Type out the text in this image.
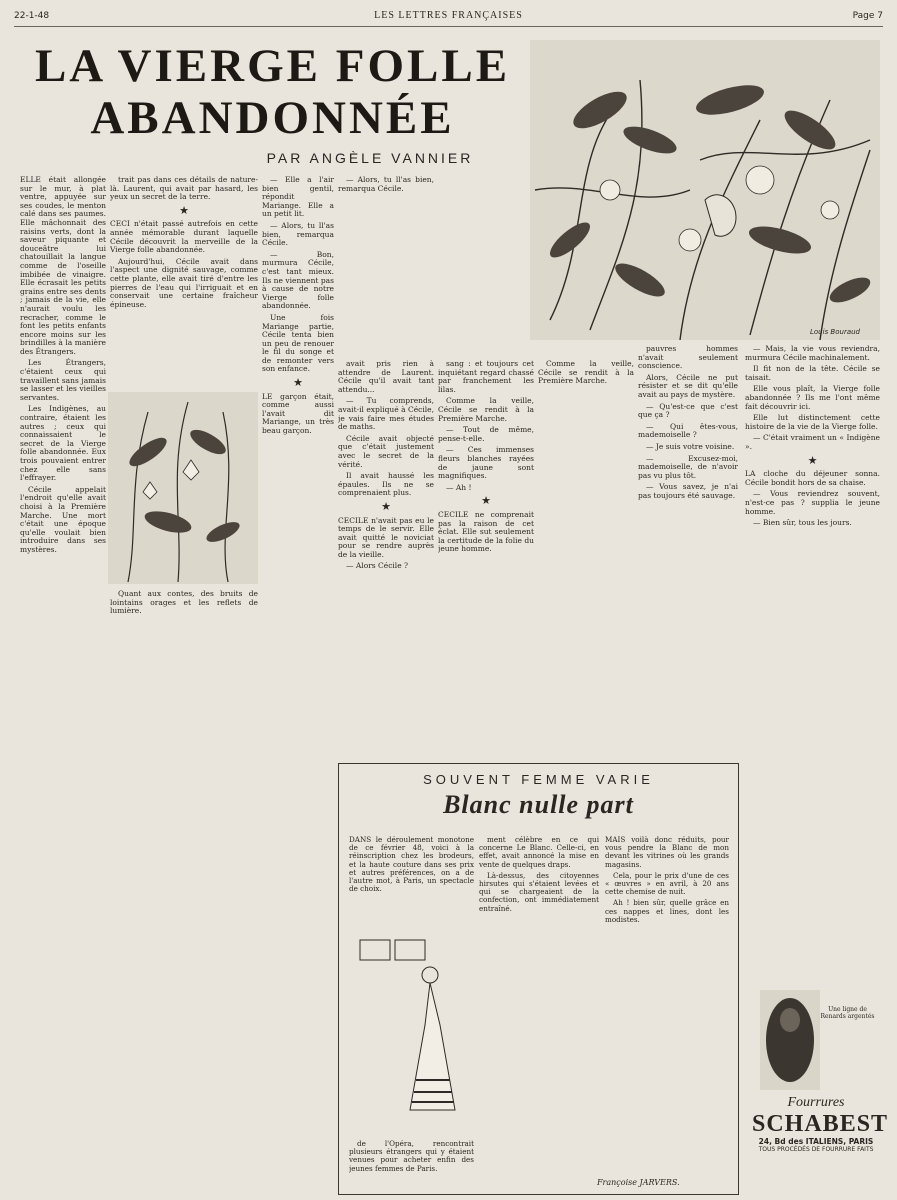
22-1-48	LES LETTRES FRANÇAISES	Page 7
LA VIERGE FOLLE
ABANDONNÉE
PAR ANGÈLE VANNIER
Louis Bouraud
Une ligne de Renards argentés

ELLE était allongée sur le mur, à plat ventre, appuyée sur ses coudes, le menton calé dans ses paumes. Elle mâchonnait des raisins verts, dont la saveur piquante et douceâtre lui chatouillait la langue comme de l'oseille imbibée de vinaigre. Elle écrasait les petits grains entre ses dents ; jamais de la vie, elle n'aurait voulu les recracher, comme le font les petits enfants encore moins sur les brindilles à la manière des Étrangers.

Les Étrangers, c'étaient ceux qui travaillent sans jamais se lasser et les vieilles servantes.

Les Indigènes, au contraire, étaient les autres ; ceux qui connaissaient le secret de la Vierge folle abandonnée. Eux trois pouvaient entrer chez elle sans l'effrayer.

Cécile appelait l'endroit qu'elle avait choisi à la Première Marche. Une mort c'était une époque qu'elle voulait bien introduire dans ses mystères.

trait pas dans ces détails de nature-là. Laurent, qui avait par hasard, les yeux un secret de la terre.

★

CECI n'était passé autrefois en cette année mémorable durant laquelle Cécile découvrit la merveille de la Vierge folle abandonnée.

Aujourd'hui, Cécile avait dans l'aspect une dignité sauvage, comme cette plante, elle avait tiré d'entre les pierres de l'eau qui l'irriguait et en conservait une certaine fraîcheur épineuse.

Quant aux contes, des bruits de lointains orages et les reflets de lumière.

— Elle a l'air bien gentil, répondit Mariange. Elle a un petit lit.

— Alors, tu ll'as bien, remarqua Cécile.

— Bon, murmura Cécile, c'est tant mieux. Ils ne viennent pas à cause de notre Vierge folle abandonnée.

Une fois Mariange partie, Cécile tenta bien un peu de renouer le fil du songe et de remonter vers son enfance.

★

LE garçon était, comme aussi l'avait dit Mariange, un très beau garçon.

— Alors, tu ll'as bien, remarqua Cécile.

avait pris rien à attendre de Laurent. Cécile qu'il avait tant attendu...

— Tu comprends, avait-il expliqué à Cécile, je vais faire mes études de maths.

Cécile avait objecté que c'était justement avec le secret de la vérité.

Il avait haussé les épaules. Ils ne se comprenaient plus.

★

CECILE n'avait pas eu le temps de le servir. Elle avait quitté le noviciat pour se rendre auprès de la vieille.

— Alors Cécile ?

sang : et toujours cet inquiétant regard chassé par franchement les lilas.

Comme la veille, Cécile se rendit à la Première Marche.

— Tout de même, pense-t-elle.

— Ces immenses fleurs blanches rayées de jaune sont magnifiques.

— Ah !

★

CECILE ne comprenait pas la raison de cet éclat. Elle sut seulement la certitude de la folie du jeune homme.

Comme la veille, Cécile se rendit à la Première Marche.

pauvres hommes n'avait seulement conscience.

Alors, Cécile ne put résister et se dit qu'elle avait au pays de mystère.

— Qu'est-ce que c'est que ça ?

— Qui êtes-vous, mademoiselle ?

— Je suis votre voisine.

— Excusez-moi, mademoiselle, de n'avoir pas vu plus tôt.

— Vous savez, je n'ai pas toujours été sauvage.

— Mais, la vie vous reviendra, murmura Cécile machinalement.

Il fit non de la tête. Cécile se taisait.

Elle vous plaît, la Vierge folle abandonnée ? Ils me l'ont même fait découvrir ici.

Elle lut distinctement cette histoire de la vie de la Vierge folle.

— C'était vraiment un « Indigène ».

★

LA cloche du déjeuner sonna. Cécile bondit hors de sa chaise.

— Vous reviendrez souvent, n'est-ce pas ? supplia le jeune homme.

— Bien sûr, tous les jours.

SOUVENT FEMME VARIE
Blanc nulle part

DANS le déroulement monotone de ce février 48, voici à la réinscription chez les brodeurs, et la haute couture dans ses prix et autres préférences, on a de l'autre mot, à Paris, un spectacle de choix.

de l'Opéra, rencontrait plusieurs étrangers qui y étaient venues pour acheter enfin des jeunes femmes de Paris.

ment célèbre en ce qui concerne Le Blanc. Celle-ci, en effet, avait annoncé la mise en vente de quelques draps.

Là-dessus, des citoyennes hirsutes qui s'étaient levées et qui se chargeaient de la confection, ont immédiatement entraîné.

MAIS voilà donc réduits, pour vous pendre la Blanc de mon devant les vitrines où les grands magasins.

Cela, pour le prix d'une de ces « œuvres » en avril, à 20 ans cette chemise de nuit.

Ah ! bien sûr, quelle grâce en ces nappes et lines, dont les modistes.

Françoise JARVERS.
Fourrures
SCHABEST
24, Bd des ITALIENS, PARIS
TOUS PROCÉDÉS DE FOURRURE FAITS
